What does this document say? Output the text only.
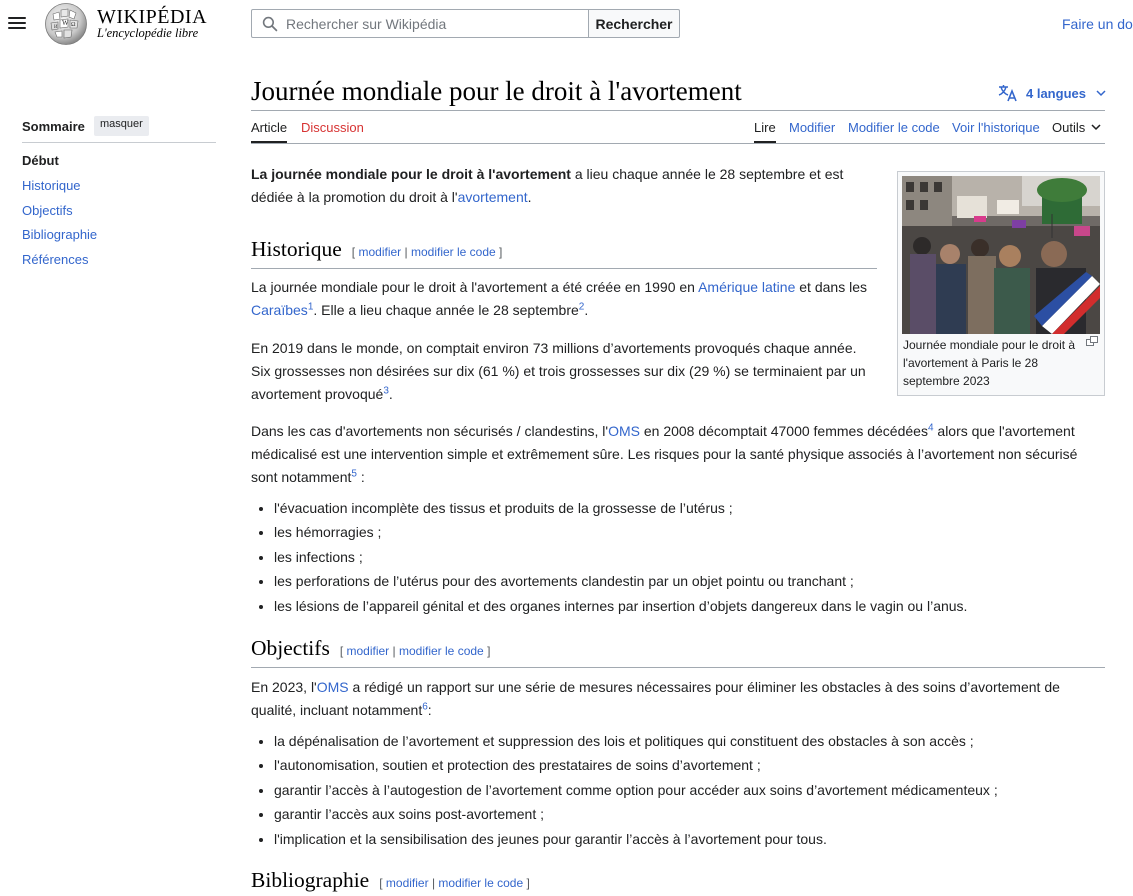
W Ω
И WIKIPÉDIA
L'encyclopédie libre
Rechercher sur Wikipédia
Rechercher	Faire un do
Sommaire	masquer
Début
Historique
Objectifs
Bibliographie
Références
Journée mondiale pour le droit à l'avortement	4 langues
Article Discussion	Lire Modifier Modifier le code Voir l'historique Outils
Journée mondiale pour le droit à l'avortement à Paris le 28 septembre 2023
La journée mondiale pour le droit à l'avortement a lieu chaque année le 28 septembre et est dédiée à la promotion du droit à l'avortement.
Historique [ modifier | modifier le code ]
La journée mondiale pour le droit à l'avortement a été créée en 1990 en Amérique latine et dans les Caraïbes$^1$. Elle a lieu chaque année le 28 septembre$^2$.
En 2019 dans le monde, on comptait environ 73 millions d’avortements provoqués chaque année. Six grossesses non désirées sur dix (61 %) et trois grossesses sur dix (29 %) se terminaient par un avortement provoqué$^3$.
Dans les cas d'avortements non sécurisés / clandestins, l'OMS en 2008 décomptait 47000 femmes décédées$^4$ alors que l'avortement médicalisé est une intervention simple et extrêmement sûre. Les risques pour la santé physique associés à l’avortement non sécurisé sont notamment$^5$ :
• l'évacuation incomplète des tissus et produits de la grossesse de l’utérus ;
• les hémorragies ;
• les infections ;
• les perforations de l’utérus pour des avortements clandestin par un objet pointu ou tranchant ;
• les lésions de l’appareil génital et des organes internes par insertion d’objets dangereux dans le vagin ou l’anus.
Objectifs [ modifier | modifier le code ]
En 2023, l'OMS a rédigé un rapport sur une série de mesures nécessaires pour éliminer les obstacles à des soins d’avortement de qualité, incluant notamment$^6$:
• la dépénalisation de l’avortement et suppression des lois et politiques qui constituent des obstacles à son accès ;
• l'autonomisation, soutien et protection des prestataires de soins d’avortement ;
• garantir l’accès à l’autogestion de l’avortement comme option pour accéder aux soins d’avortement médicamenteux ;
• garantir l’accès aux soins post-avortement ;
• l'implication et la sensibilisation des jeunes pour garantir l’accès à l’avortement pour tous.
Bibliographie [ modifier | modifier le code ]
